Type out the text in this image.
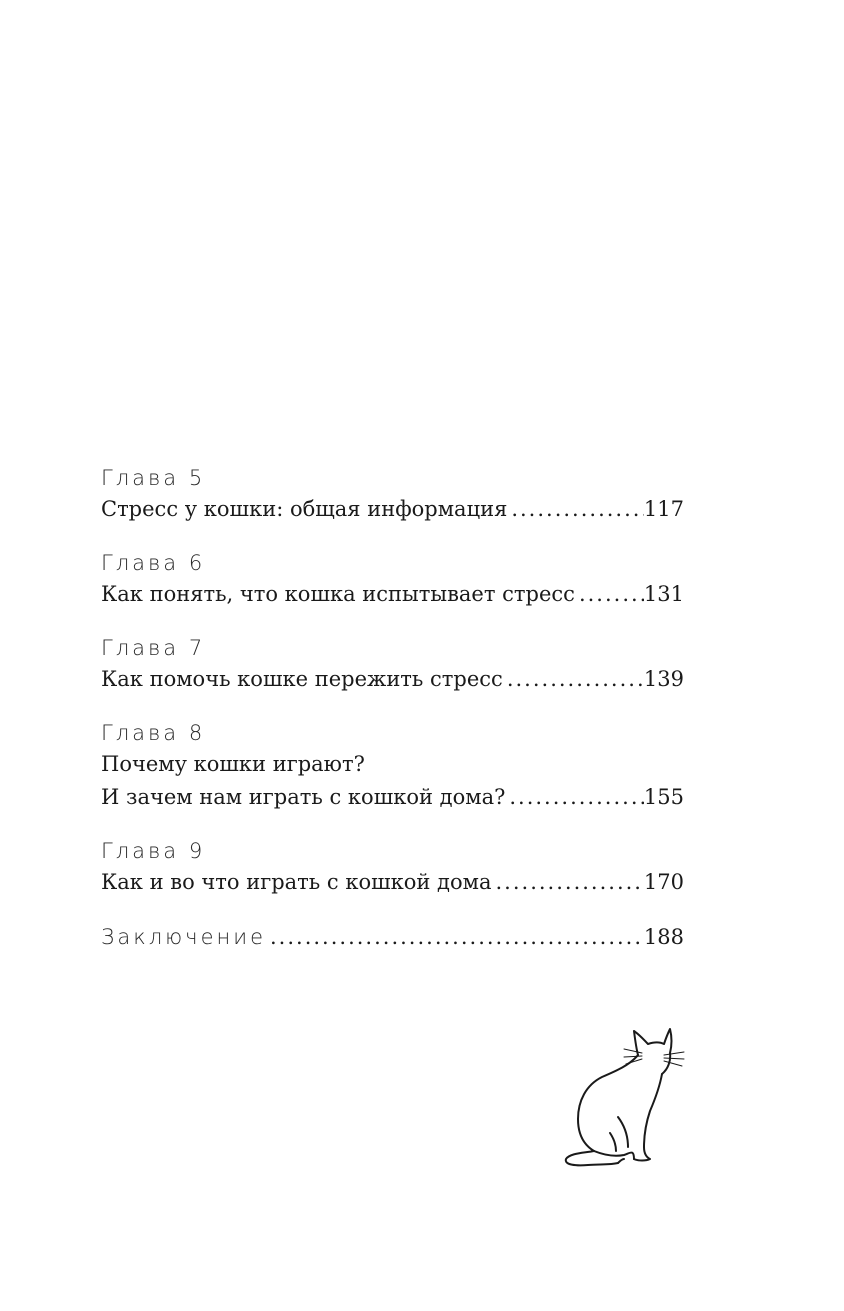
Глава 5
Стресс у кошки: общая информация .....	117
Глава 6
Как понять, что кошка испытывает стресс .....	131
Глава 7
Как помочь кошке пережить стресс .....	139
Глава 8
Почему кошки играют?
И зачем нам играть с кошкой дома? .....	155
Глава 9
Как и во что играть с кошкой дома .....	170
Заключение .....	188
